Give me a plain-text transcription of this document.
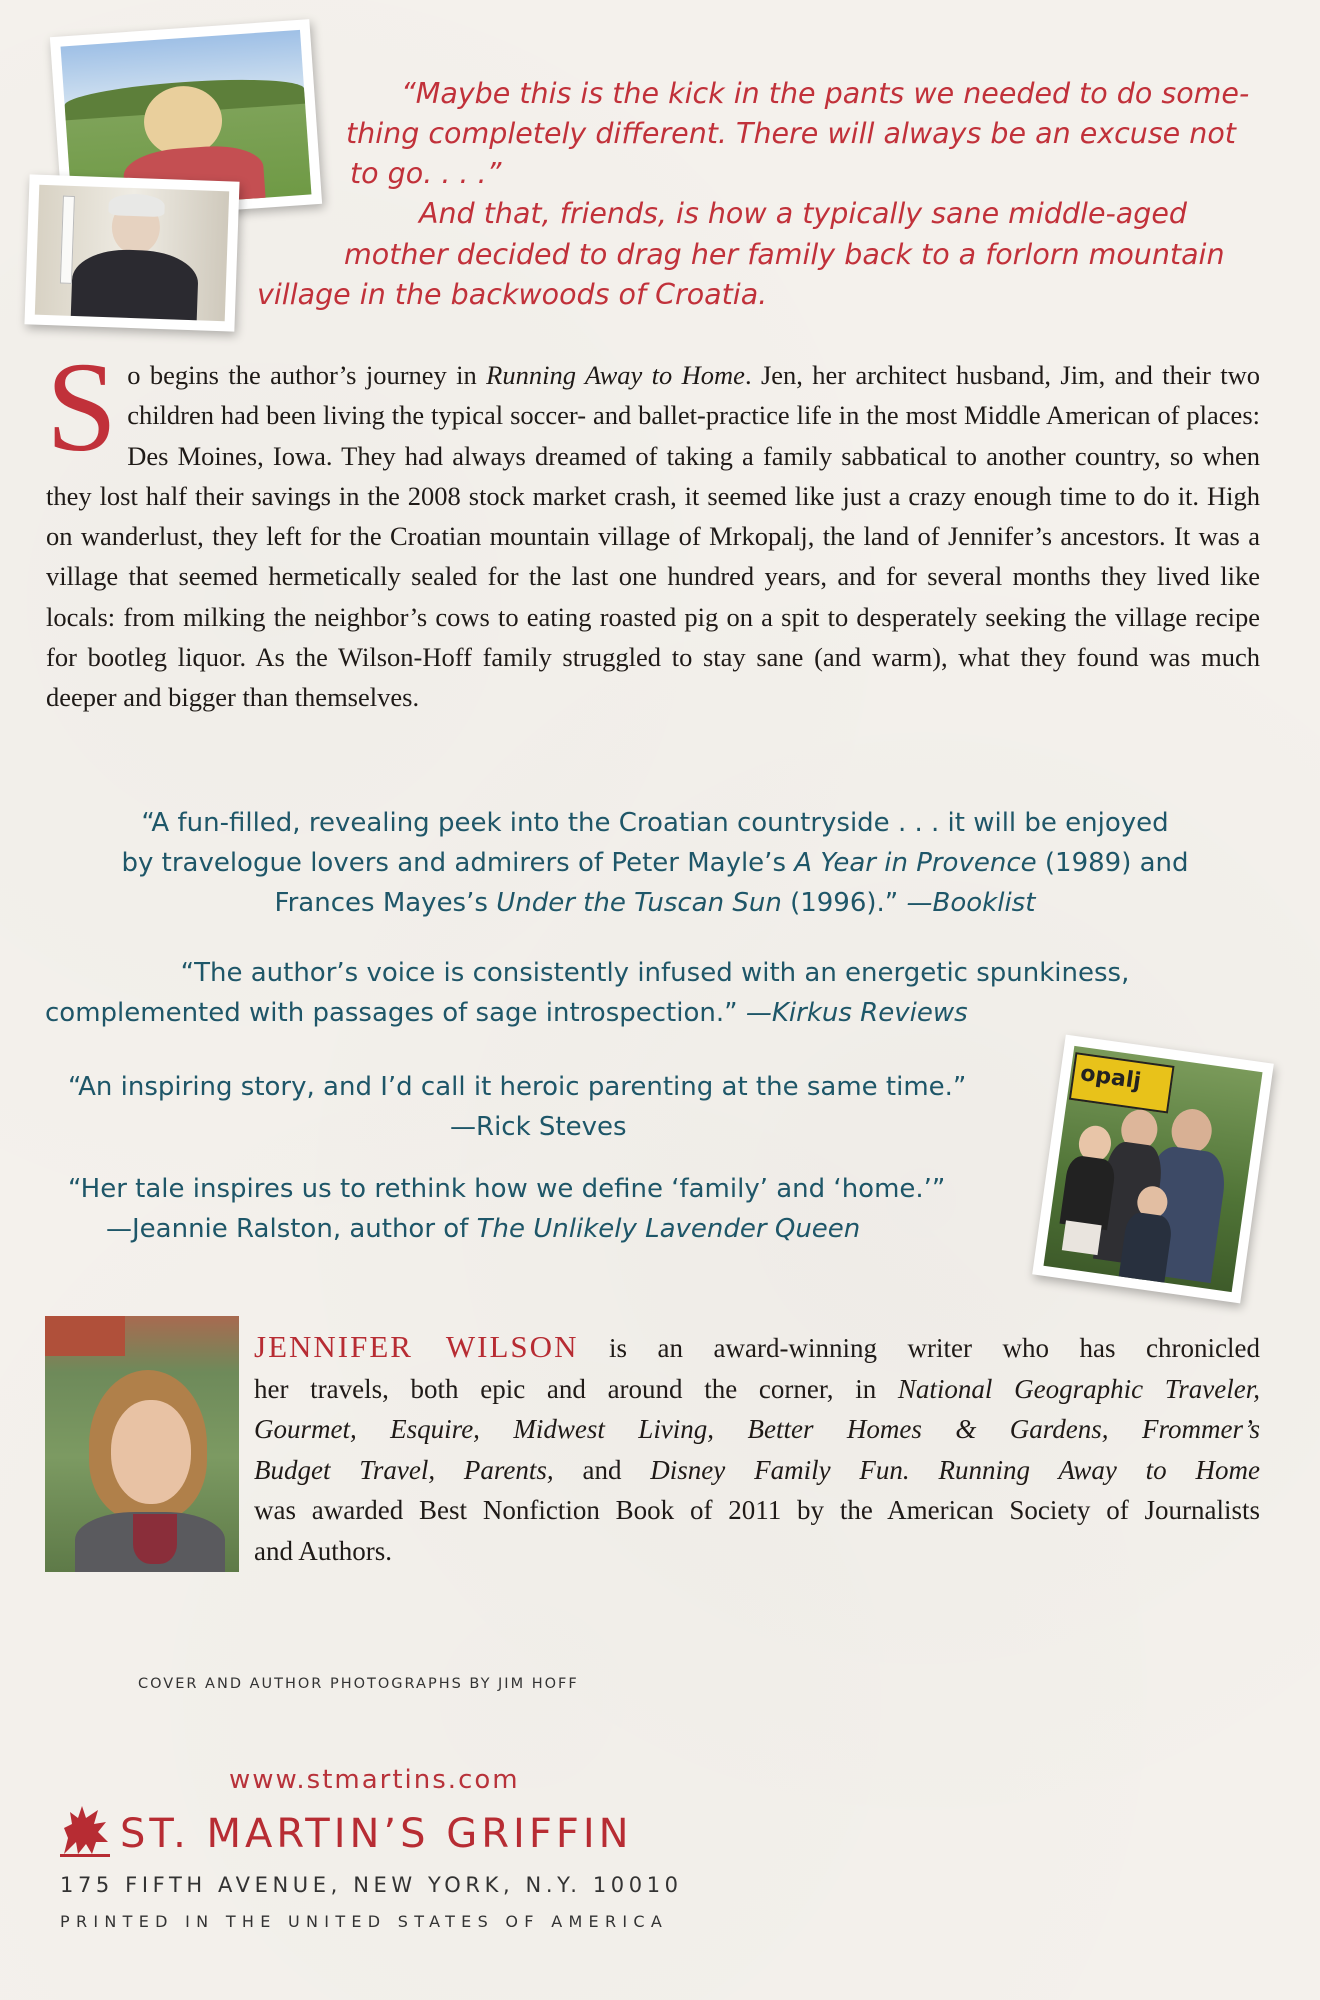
“Maybe this is the kick in the pants we needed to do some-
thing completely different. There will always be an excuse not
to go. . . .”
And that, friends, is how a typically sane middle-aged
mother decided to drag her family back to a forlorn mountain
village in the backwoods of Croatia.
S o begins the author’s journey in Running Away to Home. Jen, her architect husband, Jim, and their two children had been living the typical soccer- and ballet-practice life in the most Middle American of places: Des Moines, Iowa. They had always dreamed of taking a family sabbatical to another country, so when they lost half their savings in the 2008 stock market crash, it seemed like just a crazy enough time to do it. High on wanderlust, they left for the Croatian mountain village of Mrkopalj, the land of Jennifer’s ancestors. It was a village that seemed hermetically sealed for the last one hundred years, and for several months they lived like locals: from milking the neighbor’s cows to eating roasted pig on a spit to desperately seeking the village recipe for bootleg liquor. As the Wilson-Hoff family struggled to stay sane (and warm), what they found was much deeper and bigger than themselves.
“A fun-filled, revealing peek into the Croatian countryside . . . it will be enjoyed
by travelogue lovers and admirers of Peter Mayle’s A Year in Provence (1989) and
Frances Mayes’s Under the Tuscan Sun (1996).” —Booklist
“The author’s voice is consistently infused with an energetic spunkiness,
complemented with passages of sage introspection.” —Kirkus Reviews
“An inspiring story, and I’d call it heroic parenting at the same time.”
—Rick Steves
“Her tale inspires us to rethink how we define ‘family’ and ‘home.’”
—Jeannie Ralston, author of The Unlikely Lavender Queen
opalj
JENNIFER WILSON is an award-winning writer who has chronicled
her travels, both epic and around the corner, in National Geographic Traveler,
Gourmet, Esquire, Midwest Living, Better Homes & Gardens, Frommer’s
Budget Travel, Parents, and Disney Family Fun. Running Away to Home
was awarded Best Nonfiction Book of 2011 by the American Society of Journalists
and Authors.
COVER AND AUTHOR PHOTOGRAPHS BY JIM HOFF
www.stmartins.com
ST. MARTIN’S GRIFFIN
175 FIFTH AVENUE, NEW YORK, N.Y. 10010
PRINTED IN THE UNITED STATES OF AMERICA
